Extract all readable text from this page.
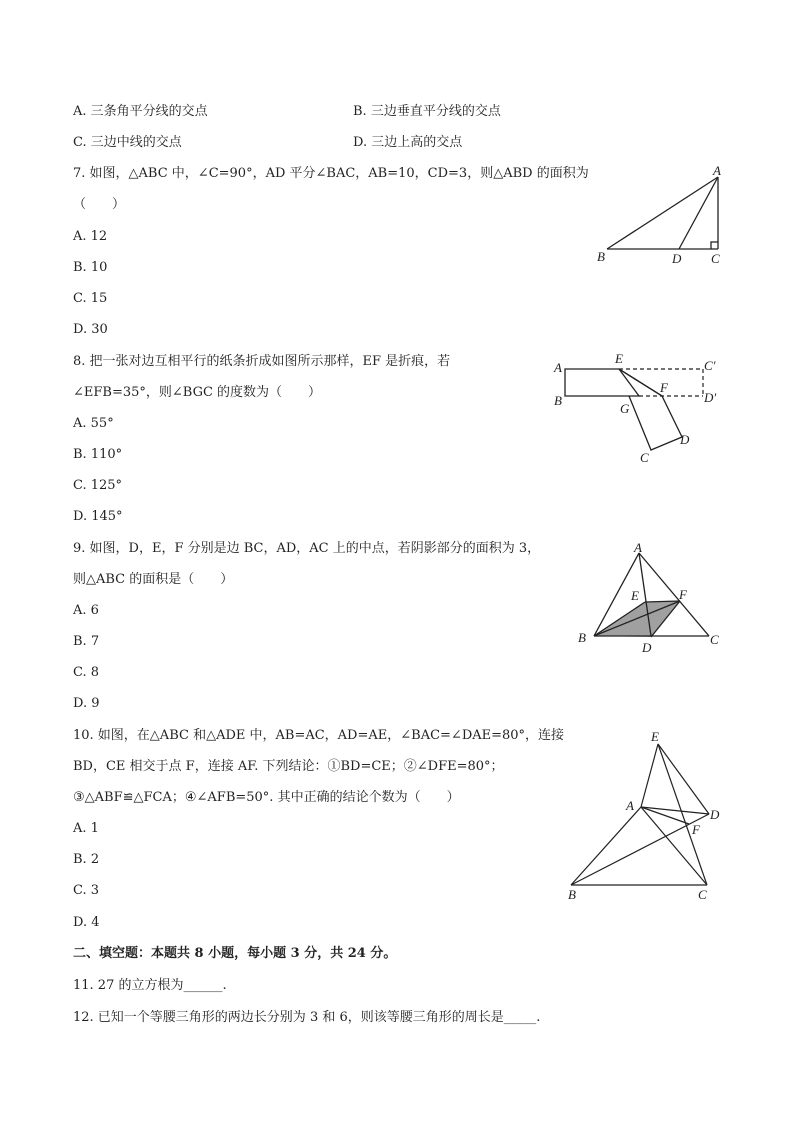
A. 三条角平分线的交点	B. 三边垂直平分线的交点
C. 三边中线的交点	D. 三边上高的交点
7. 如图，△ABC 中，∠C=90°，AD 平分∠BAC，AB=10，CD=3，则△ABD 的面积为
（　　）
A. 12
B. 10
C. 15
D. 30
A
B	D C
8. 把一张对边互相平行的纸条折成如图所示那样，EF 是折痕，若
∠EFB=35°，则∠BGC 的度数为（　　）
A. 55°
B. 110°
C. 125°
D. 145°
A
B
E
F
G
C
D
C′
D′
9. 如图，D，E，F 分别是边 BC，AD，AC 上的中点，若阴影部分的面积为 3，
则△ABC 的面积是（　　）
A. 6
B. 7
C. 8
D. 9
A
B	C
D
E	F
10. 如图，在△ABC 和△ADE 中，AB=AC，AD=AE，∠BAC=∠DAE=80°，连接
BD，CE 相交于点 F，连接 AF. 下列结论：①BD=CE；②∠DFE=80°；
③△ABF≌△FCA；④∠AFB=50°. 其中正确的结论个数为（　　）
A. 1
B. 2
C. 3
D. 4
E
A
D
F
B	C
二、填空题：本题共 8 小题，每小题 3 分，共 24 分。
11. 27 的立方根为______.
12. 已知一个等腰三角形的两边长分别为 3 和 6，则该等腰三角形的周长是_____.
